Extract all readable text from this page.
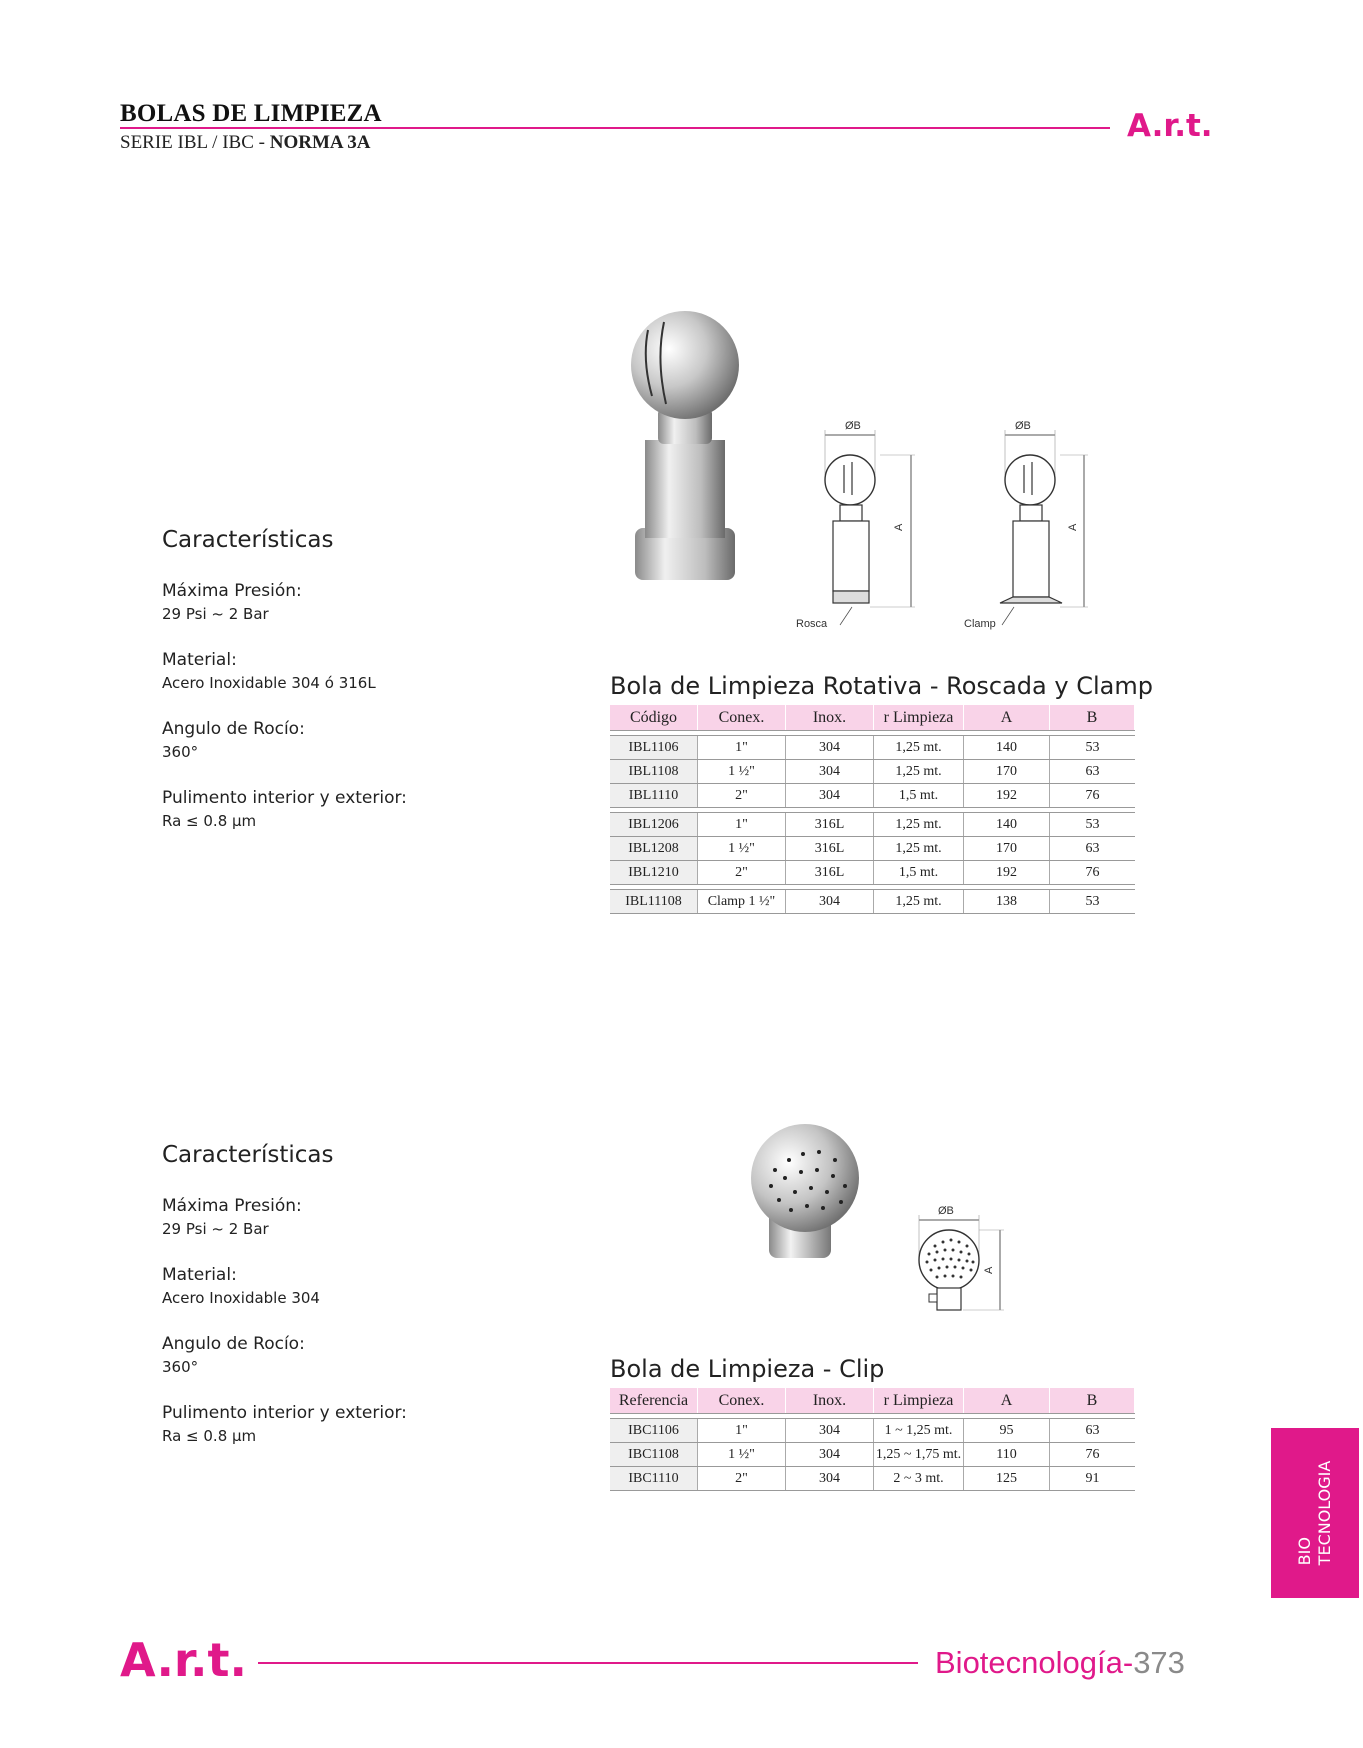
BOLAS DE LIMPIEZA
SERIE IBL / IBC - NORMA 3A	A.r.t.
Características
Máxima Presión:
29 Psi ~ 2 Bar
Material:
Acero Inoxidable 304 ó 316L
Angulo de Rocío:
360°
Pulimento interior y exterior:
Ra ≤ 0.8 μm
ØB
A
Rosca
ØB
A
Clamp
Bola de Limpieza Rotativa - Roscada y Clamp
Código	Conex.	Inox.	r Limpieza	A	B
IBL1106	1"	304	1,25 mt.	140	53
IBL1108	1 ½"	304	1,25 mt.	170	63
IBL1110	2"	304	1,5 mt.	192	76
IBL1206	1"	316L	1,25 mt.	140	53
IBL1208	1 ½"	316L	1,25 mt.	170	63
IBL1210	2"	316L	1,5 mt.	192	76
IBL11108	Clamp 1 ½"	304	1,25 mt.	138	53
Características
Máxima Presión:
29 Psi ~ 2 Bar
Material:
Acero Inoxidable 304
Angulo de Rocío:
360°
Pulimento interior y exterior:
Ra ≤ 0.8 μm
ØB
A
Bola de Limpieza - Clip
Referencia	Conex.	Inox.	r Limpieza	A	B
IBC1106	1"	304	1 ~ 1,25 mt.	95	63
IBC1108	1 ½"	304	1,25 ~ 1,75 mt.	110	76
IBC1110	2"	304	2 ~ 3 mt.	125	91
BIO TECNOLOGIA
A.r.t.	Biotecnología-373
